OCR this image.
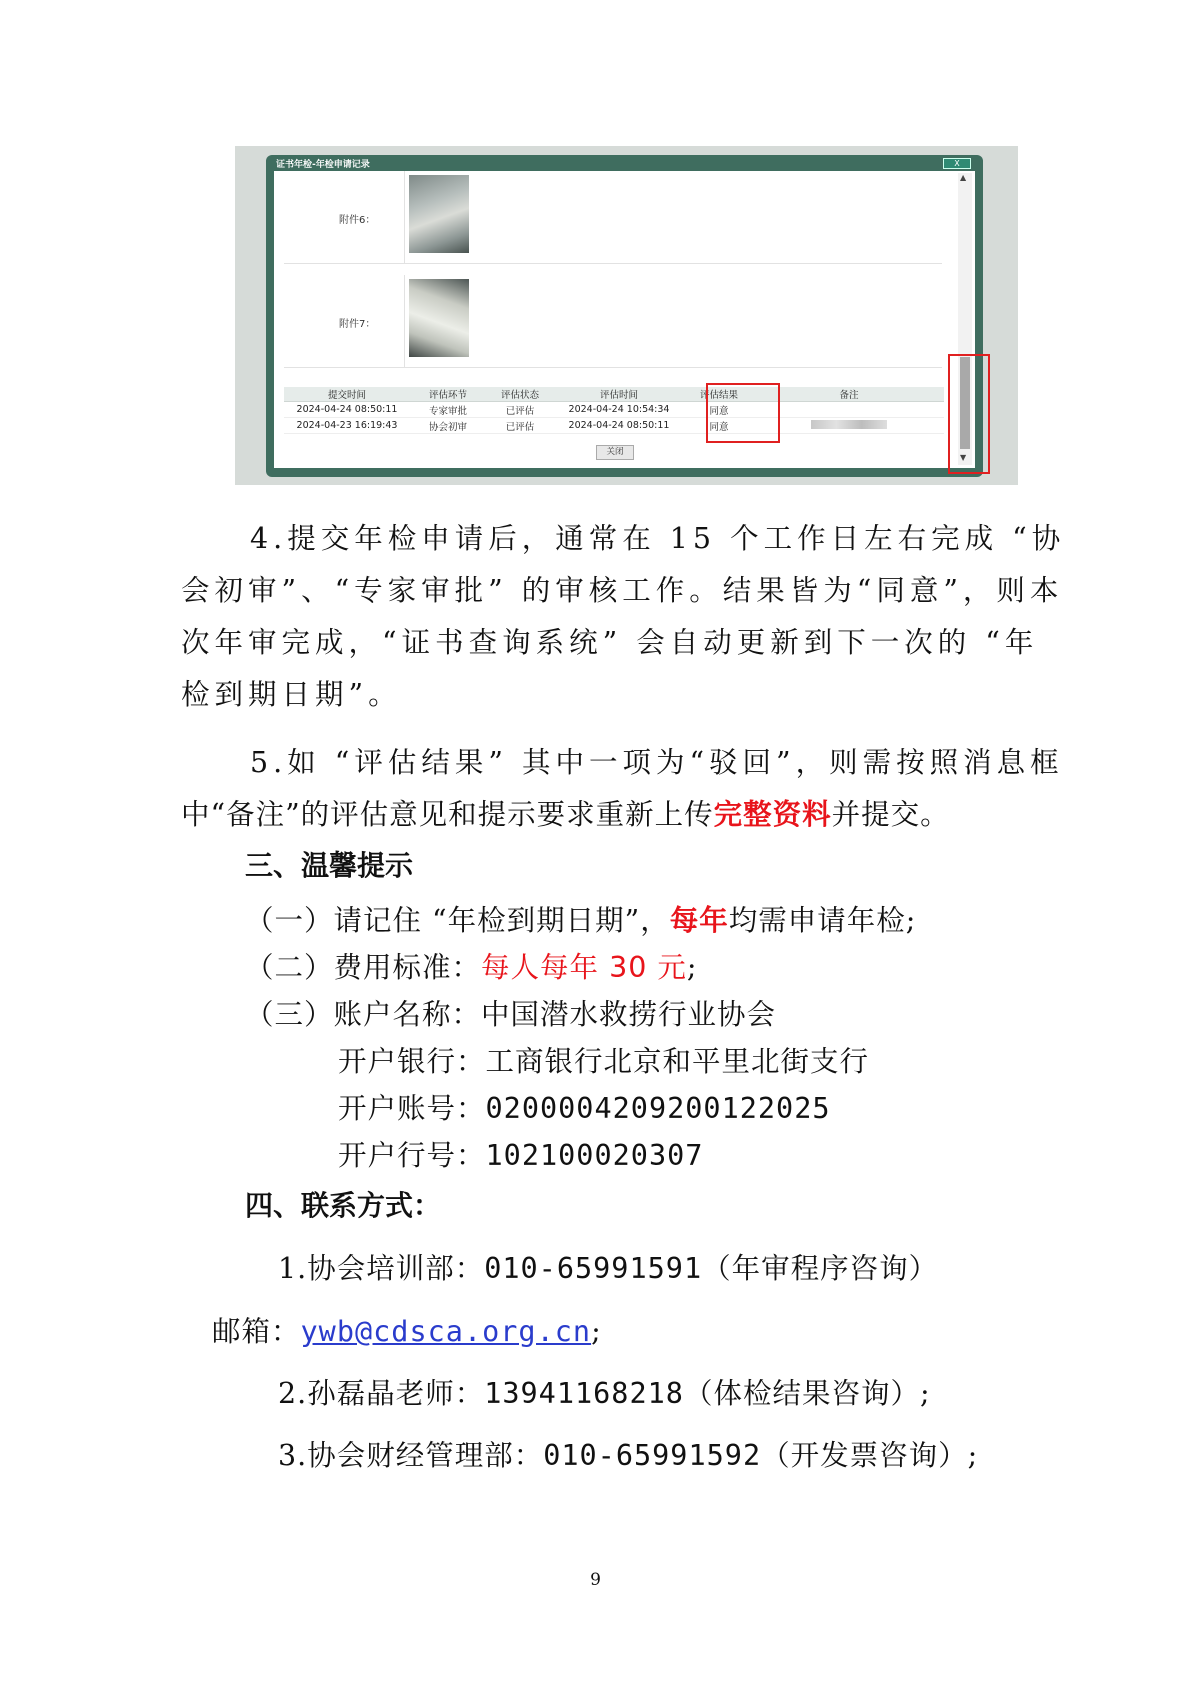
证书年检-年检申请记录	X
附件6：
附件7：
提交时间	评估环节	评估状态	评估时间	评估结果	备注
2024-04-24 08:50:11	专家审批	已评估	2024-04-24 10:54:34	同意	
2024-04-23 16:19:43	协会初审	已评估	2024-04-24 08:50:11	同意	
关闭
▲
▼
4.提交年检申请后，通常在 15 个工作日左右完成 “协
会初审”、“专家审批” 的审核工作。结果皆为“同意”，则本
次年审完成，“证书查询系统” 会自动更新到下一次的 “年
检到期日期”。
5.如 “评估结果” 其中一项为“驳回”，则需按照消息框
中“备注”的评估意见和提示要求重新上传完整资料并提交。
三、温馨提示
（一）请记住 “年检到期日期”，每年均需申请年检;
（二）费用标准：每人每年 30 元;
（三）账户名称：中国潜水救捞行业协会
开户银行：工商银行北京和平里北街支行
开户账号：0200004209200122025
开户行号：102100020307
四、联系方式：
1.协会培训部：010-65991591（年审程序咨询）
邮箱：ywb@cdsca.org.cn;
2.孙磊晶老师：13941168218（体检结果咨询）;
3.协会财经管理部：010-65991592（开发票咨询）;
9
